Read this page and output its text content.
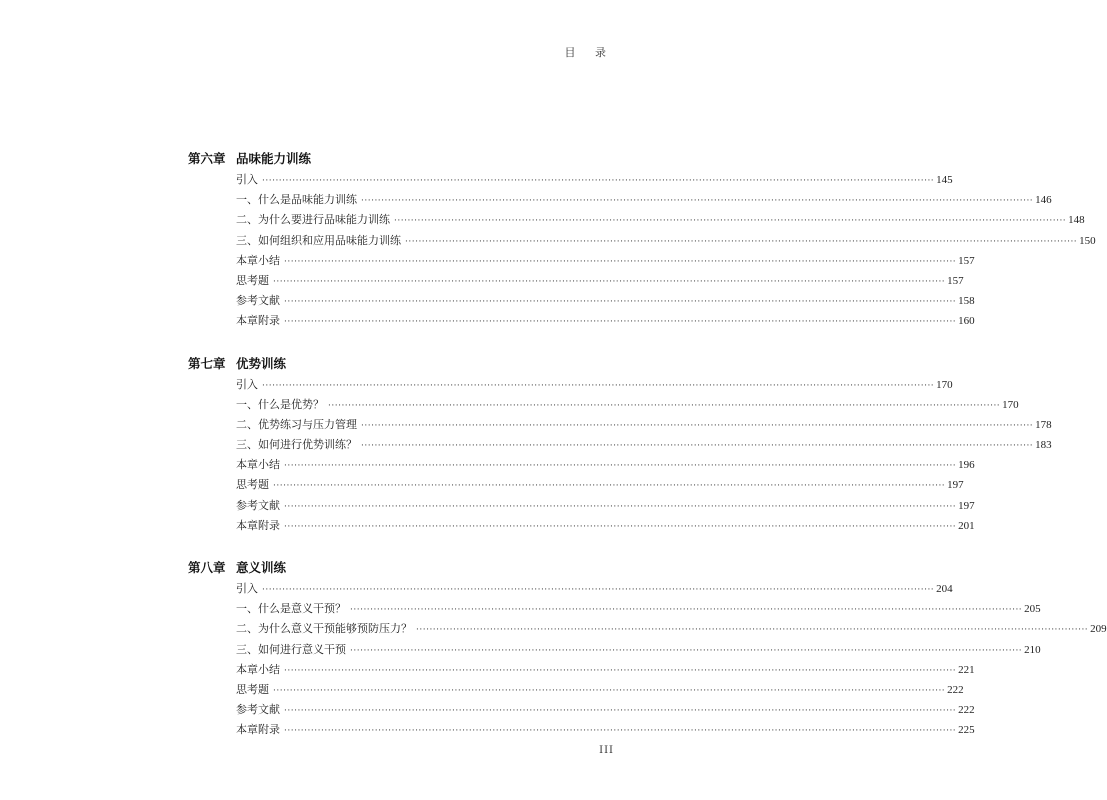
目 录
第六章 品味能力训练
引入 ········································································································································································································ 145
一、什么是品味能力训练 ········································································································································································································ 146
二、为什么要进行品味能力训练 ········································································································································································································ 148
三、如何组织和应用品味能力训练 ········································································································································································································ 150
本章小结 ········································································································································································································ 157
思考题 ········································································································································································································ 157
参考文献 ········································································································································································································ 158
本章附录 ········································································································································································································ 160
第七章 优势训练
引入 ········································································································································································································ 170
一、什么是优势？ ········································································································································································································ 170
二、优势练习与压力管理 ········································································································································································································ 178
三、如何进行优势训练？ ········································································································································································································ 183
本章小结 ········································································································································································································ 196
思考题 ········································································································································································································ 197
参考文献 ········································································································································································································ 197
本章附录 ········································································································································································································ 201
第八章 意义训练
引入 ········································································································································································································ 204
一、什么是意义干预？ ········································································································································································································ 205
二、为什么意义干预能够预防压力？ ········································································································································································································ 209
三、如何进行意义干预 ········································································································································································································ 210
本章小结 ········································································································································································································ 221
思考题 ········································································································································································································ 222
参考文献 ········································································································································································································ 222
本章附录 ········································································································································································································ 225
III
